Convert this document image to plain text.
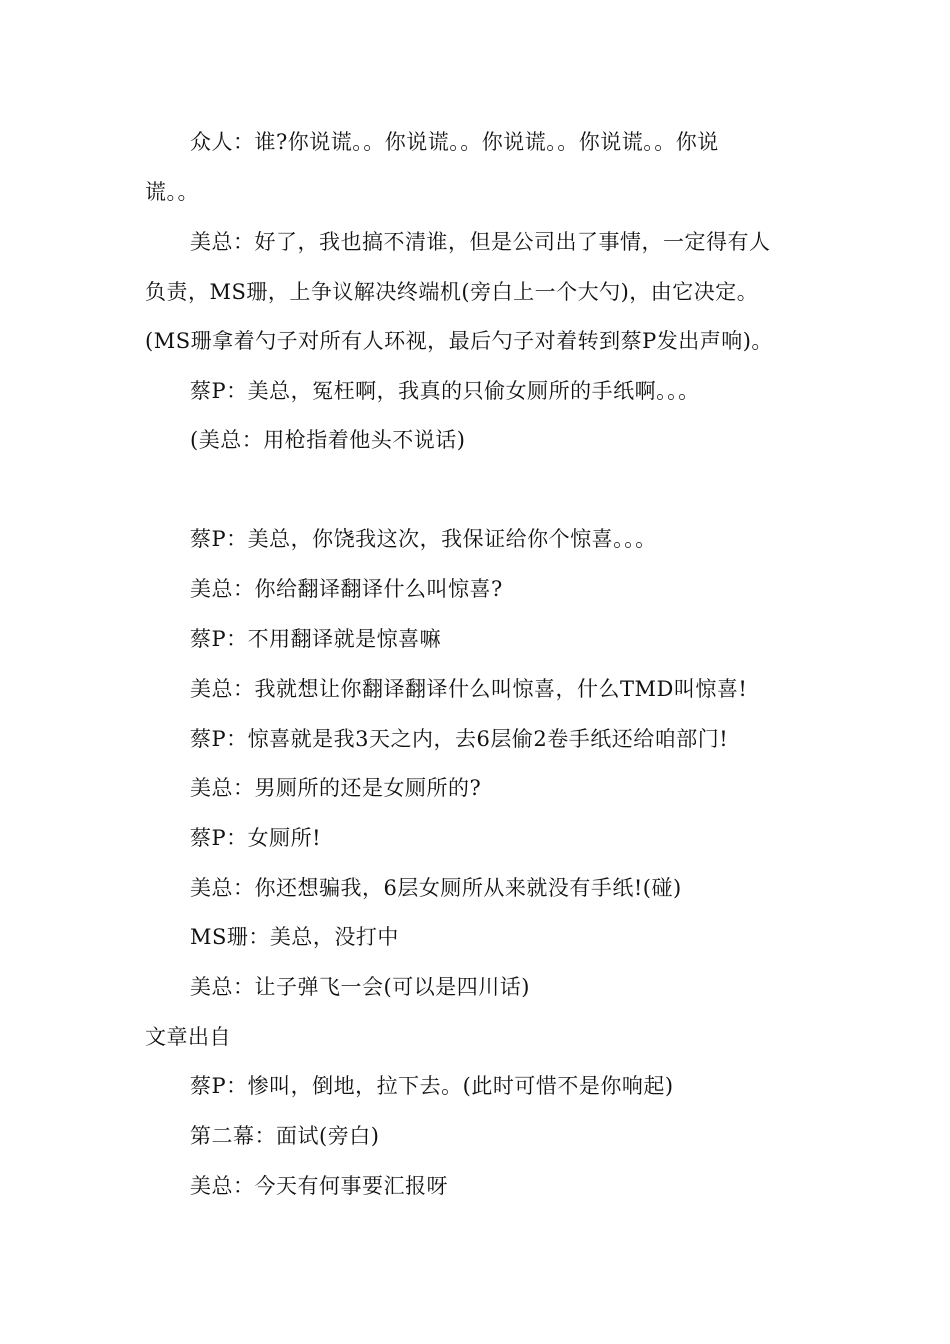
众人：谁?你说谎。。你说谎。。你说谎。。你说谎。。你说
谎。。
美总：好了，我也搞不清谁，但是公司出了事情，一定得有人
负责，MS珊，上争议解决终端机(旁白上一个大勺)，由它决定。
(MS珊拿着勺子对所有人环视，最后勺子对着转到蔡P发出声响)。
蔡P：美总，冤枉啊，我真的只偷女厕所的手纸啊。。。
(美总：用枪指着他头不说话)
蔡P：美总，你饶我这次，我保证给你个惊喜。。。
美总：你给翻译翻译什么叫惊喜?
蔡P：不用翻译就是惊喜嘛
美总：我就想让你翻译翻译什么叫惊喜，什么TMD叫惊喜!
蔡P：惊喜就是我3天之内，去6层偷2卷手纸还给咱部门!
美总：男厕所的还是女厕所的?
蔡P：女厕所!
美总：你还想骗我，6层女厕所从来就没有手纸!(碰)
MS珊：美总，没打中
美总：让子弹飞一会(可以是四川话)
文章出自
蔡P：惨叫，倒地，拉下去。(此时可惜不是你响起)
第二幕：面试(旁白)
美总：今天有何事要汇报呀
